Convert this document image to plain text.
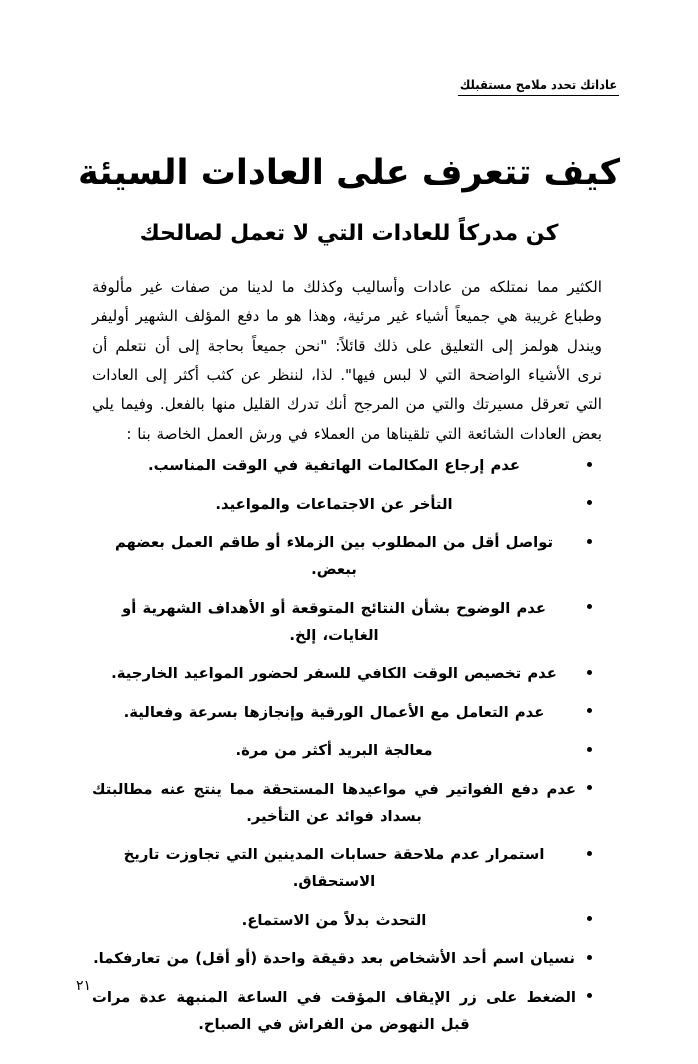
عاداتك تحدد ملامح مستقبلك
كيف تتعرف على العادات السيئة
كن مدركاً للعادات التي لا تعمل لصالحك

الكثير مما نمتلكه من عادات وأساليب وكذلك ما لدينا من صفات غير مألوفة وطباع غريبة هي جميعاً أشياء غير مرئية، وهذا هو ما دفع المؤلف الشهير أوليفر ويندل هولمز إلى التعليق على ذلك قائلاً: "نحن جميعاً بحاجة إلى أن نتعلم أن نرى الأشياء الواضحة التي لا لبس فيها". لذا، لننظر عن كثب أكثر إلى العادات التي تعرقل مسيرتك والتي من المرجح أنك تدرك القليل منها بالفعل. وفيما يلي بعض العادات الشائعة التي تلقيناها من العملاء في ورش العمل الخاصة بنا :

عدم إرجاع المكالمات الهاتفية في الوقت المناسب.
التأخر عن الاجتماعات والمواعيد.
تواصل أقل من المطلوب بين الزملاء أو طاقم العمل بعضهم ببعض.
عدم الوضوح بشأن النتائج المتوقعة أو الأهداف الشهرية أو الغايات، إلخ.
عدم تخصيص الوقت الكافي للسفر لحضور المواعيد الخارجية.
عدم التعامل مع الأعمال الورقية وإنجازها بسرعة وفعالية.
معالجة البريد أكثر من مرة.
عدم دفع الفواتير في مواعيدها المستحقة مما ينتج عنه مطالبتك بسداد فوائد عن التأخير.
استمرار عدم ملاحقة حسابات المدينين التي تجاوزت تاريخ الاستحقاق.
التحدث بدلاً من الاستماع.
نسيان اسم أحد الأشخاص بعد دقيقة واحدة (أو أقل) من تعارفكما.
الضغط على زر الإيقاف المؤقت في الساعة المنبهة عدة مرات قبل النهوض من الفراش في الصباح.
٢١
